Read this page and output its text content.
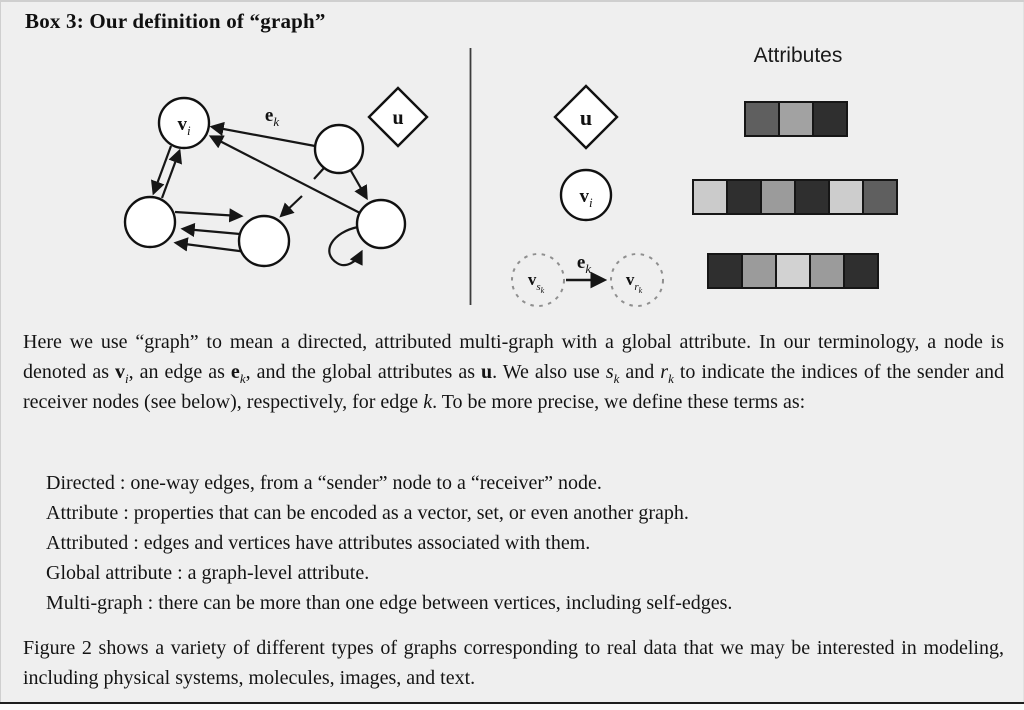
Box 3: Our definition of “graph”
$v_i$
$e_k$	u	u
$v_i$
$e_k$
$v_sk$
$v_rk$
Attributes

Here we use “graph” to mean a directed, attributed multi-graph with a global attribute. In our terminology, a node is denoted as $v_i$, an edge as $e_k$, and the global attributes as u. We also use $s_k$ and $r_k$ to indicate the indices of the sender and receiver nodes (see below), respectively, for edge k. To be more precise, we define these terms as:

Directed : one-way edges, from a “sender” node to a “receiver” node.
Attribute : properties that can be encoded as a vector, set, or even another graph.
Attributed : edges and vertices have attributes associated with them.
Global attribute : a graph-level attribute.
Multi-graph : there can be more than one edge between vertices, including self-edges.

Figure 2 shows a variety of different types of graphs corresponding to real data that we may be interested in modeling, including physical systems, molecules, images, and text.
